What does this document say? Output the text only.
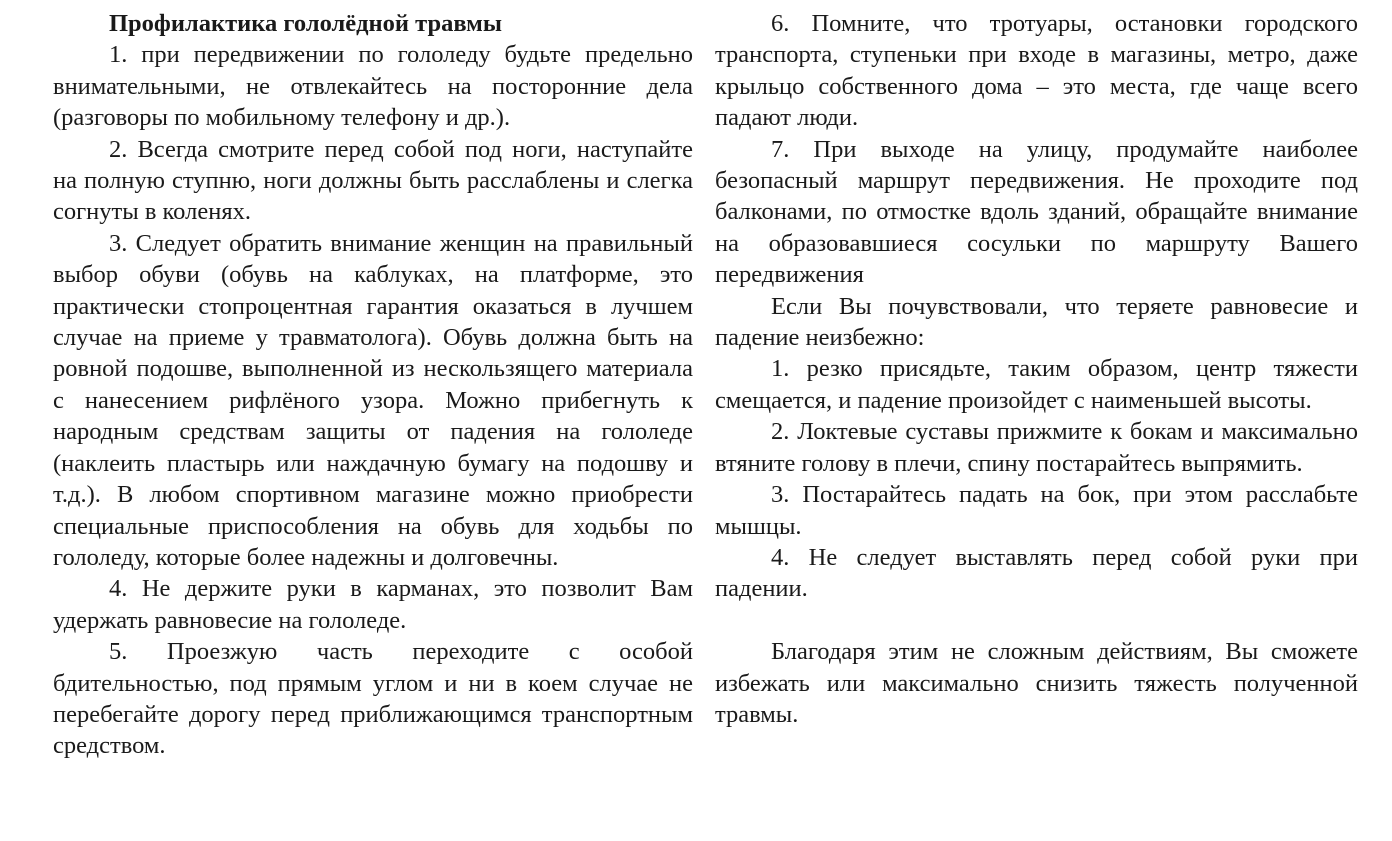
Профилактика гололёдной травмы

1. при передвижении по гололеду будьте предельно внимательными, не отвлекайтесь на посторонние дела (разговоры по мобильному телефону и др.).

2. Всегда смотрите перед собой под ноги, наступайте на полную ступню, ноги должны быть расслаблены и слегка согнуты в коленях.

3. Следует обратить внимание женщин на правильный выбор обуви (обувь на каблуках, на платформе, это практически стопроцентная гарантия оказаться в лучшем случае на приеме у травматолога). Обувь должна быть на ровной подошве, выполненной из нескользящего материала с нанесением рифлёного узора. Можно прибегнуть к народным средствам защиты от падения на гололеде (наклеить пластырь или наждачную бумагу на подошву и т.д.). В любом спортивном магазине можно приобрести специальные приспособления на обувь для ходьбы по гололеду, которые более надежны и долговечны.

4. Не держите руки в карманах, это позволит Вам удержать равновесие на гололеде.

5. Проезжую часть переходите с особой бдительностью, под прямым углом и ни в коем случае не перебегайте дорогу перед приближающимся транспортным средством.

6. Помните, что тротуары, остановки городского транспорта, ступеньки при входе в магазины, метро, даже крыльцо собственного дома – это места, где чаще всего падают люди.

7. При выходе на улицу, продумайте наиболее безопасный маршрут передвижения. Не проходите под балконами, по отмостке вдоль зданий, обращайте внимание на образовавшиеся сосульки по маршруту Вашего передвижения

Если Вы почувствовали, что теряете равновесие и падение неизбежно:

1. резко присядьте, таким образом, центр тяжести смещается, и падение произойдет с наименьшей высоты.

2. Локтевые суставы прижмите к бокам и максимально втяните голову в плечи, спину постарайтесь выпрямить.

3. Постарайтесь падать на бок, при этом расслабьте мышцы.

4. Не следует выставлять перед собой руки при падении.

Благодаря этим не сложным действиям, Вы сможете избежать или максимально снизить тяжесть полученной травмы.
